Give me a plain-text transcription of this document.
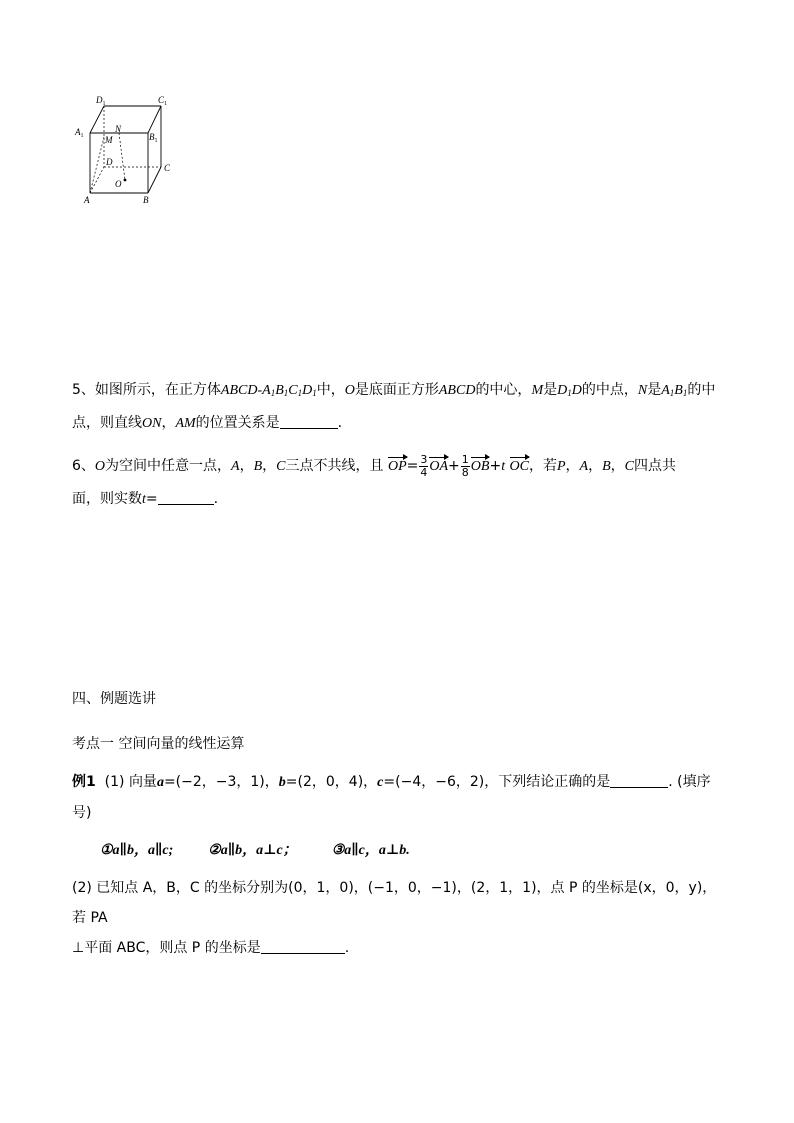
$D_1$	$C_1$
$A_1$	$B_1$
N
M
D
O
C
A	B
5、如图所示，在正方体ABCD-$A_1B_1C_1D_1$中，O是底面正方形ABCD的中心，M是$D_1D$的中点，N是$A_1B_1$的中点，则直线ON，AM的位置关系是	.
6、O为空间中任意一点，A，B，C三点不共线，且 $OP= \frac{3}{4} OA+ \frac{1}{8} OB+t$ OC，若P，A，B，C四点共
面，则实数t=	.
四、例题选讲
考点一 空间向量的线性运算
例1 (1) 向量a=(−2，−3，1)，b=(2，0，4)，c=(−4，−6，2)，下列结论正确的是	. (填序
号)
①a∥b，a∥c; ②a∥b，a⊥c； ③a∥c，a⊥b.
(2) 已知点 A，B，C 的坐标分别为(0，1，0)，(−1，0，−1)，(2，1，1)，点 P 的坐标是(x，0，y)，若 PA
⊥平面 ABC，则点 P 的坐标是	.
